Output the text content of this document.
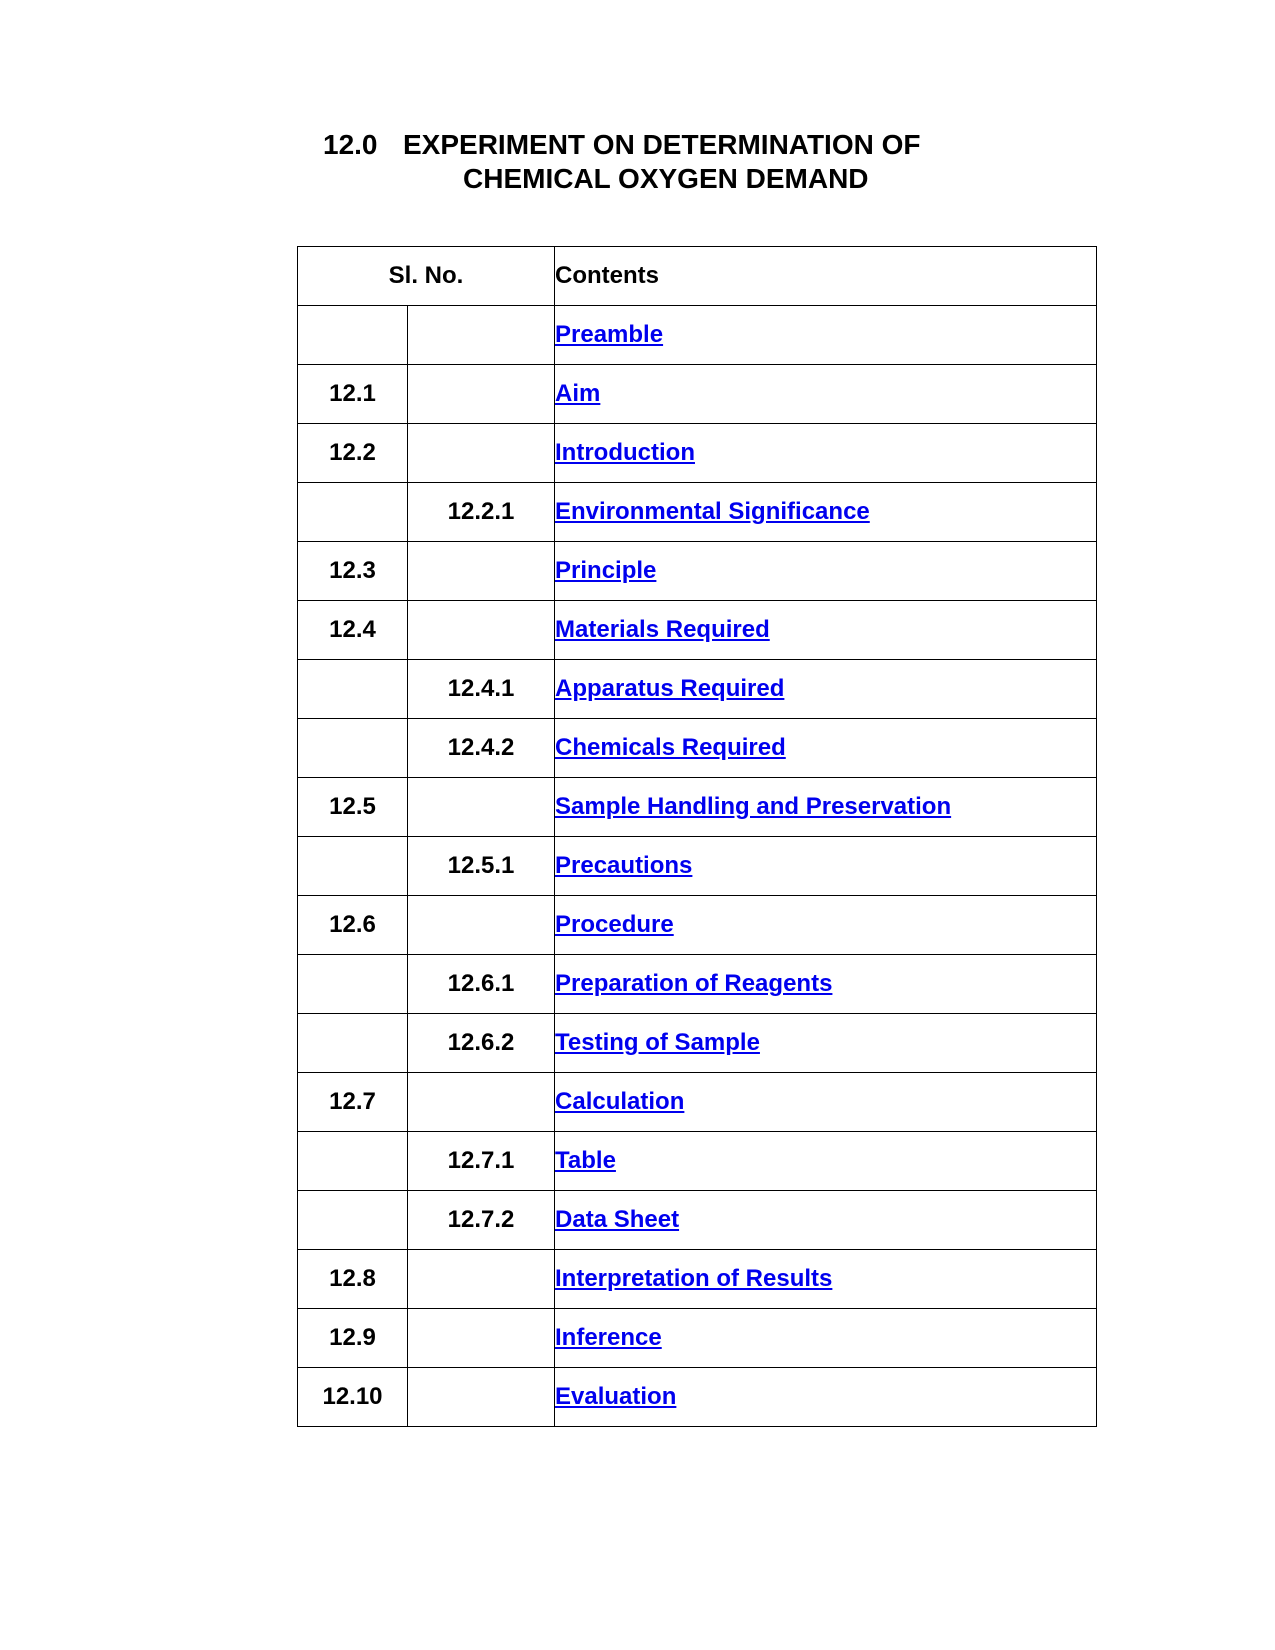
12.0 EXPERIMENT ON DETERMINATION OF
CHEMICAL OXYGEN DEMAND
Sl. No.		Contents
		Preamble
12.1		Aim
12.2		Introduction
	12.2.1	Environmental Significance
12.3		Principle
12.4		Materials Required
	12.4.1	Apparatus Required
	12.4.2	Chemicals Required
12.5		Sample Handling and Preservation
	12.5.1	Precautions
12.6		Procedure
	12.6.1	Preparation of Reagents
	12.6.2	Testing of Sample
12.7		Calculation
	12.7.1	Table
	12.7.2	Data Sheet
12.8		Interpretation of Results
12.9		Inference
12.10		Evaluation
